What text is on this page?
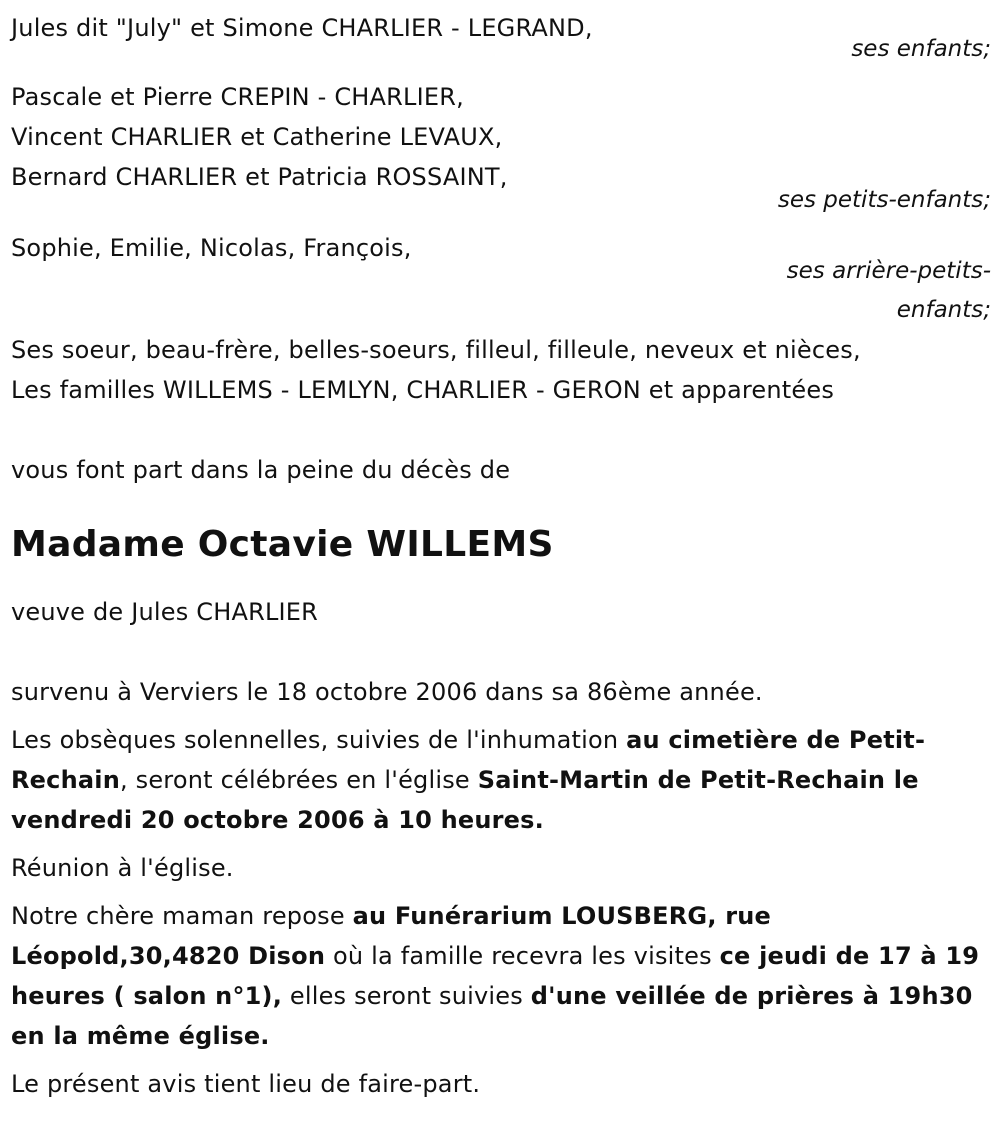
Jules dit "July" et Simone CHARLIER - LEGRAND,
ses enfants;
Pascale et Pierre CREPIN - CHARLIER,
Vincent CHARLIER et Catherine LEVAUX,
Bernard CHARLIER et Patricia ROSSAINT,
ses petits-enfants;
Sophie, Emilie, Nicolas, François,
ses arrière-petits-
enfants;
Ses soeur, beau-frère, belles-soeurs, filleul, filleule, neveux et nièces,
Les familles WILLEMS - LEMLYN, CHARLIER - GERON et apparentées
vous font part dans la peine du décès de
Madame Octavie WILLEMS
veuve de Jules CHARLIER
survenu à Verviers le 18 octobre 2006 dans sa 86ème année.
Les obsèques solennelles, suivies de l'inhumation au cimetière de Petit-Rechain, seront célébrées en l'église Saint-Martin de Petit-Rechain le vendredi 20 octobre 2006 à 10 heures.
Réunion à l'église.
Notre chère maman repose au Funérarium LOUSBERG, rue Léopold,30,4820 Dison où la famille recevra les visites ce jeudi de 17 à 19 heures ( salon n°1), elles seront suivies d'une veillée de prières à 19h30 en la même église.
Le présent avis tient lieu de faire-part.
